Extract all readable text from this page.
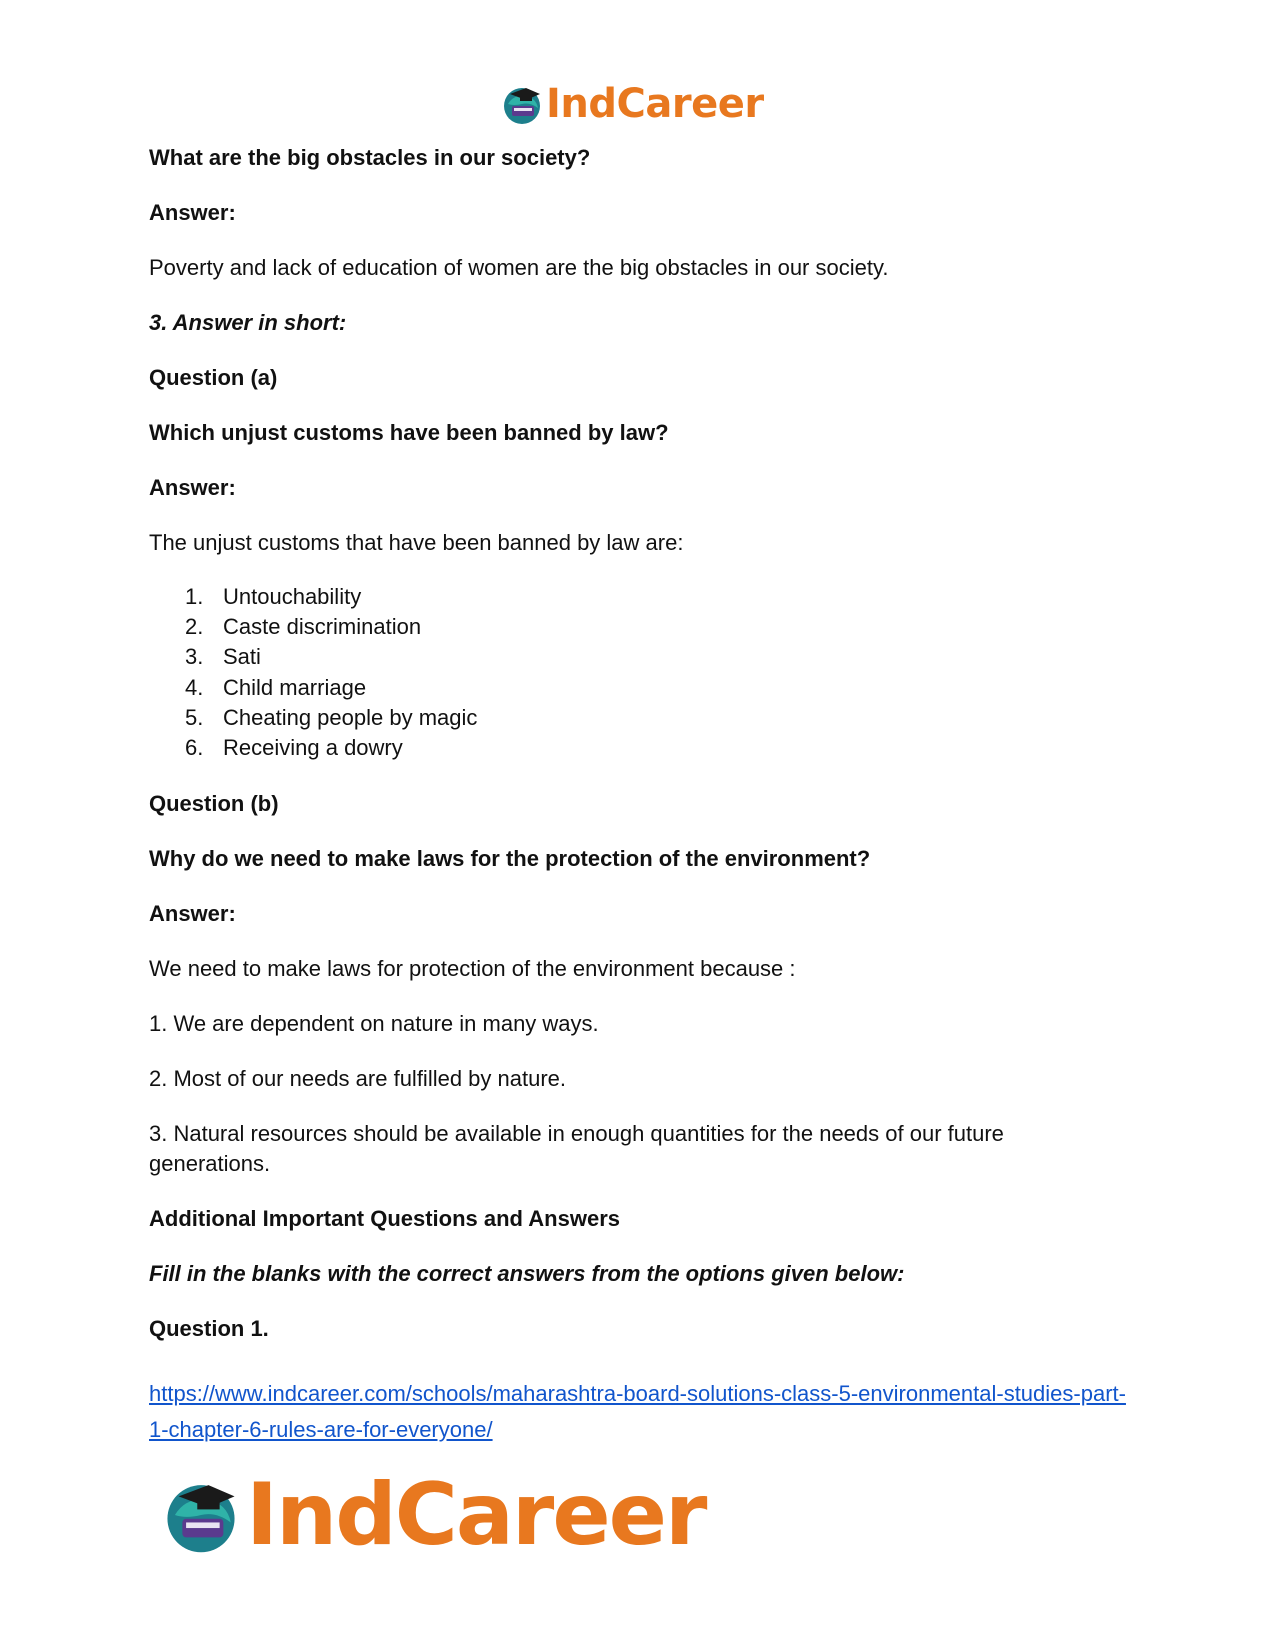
IndCareer

What are the big obstacles in our society?

Answer:

Poverty and lack of education of women are the big obstacles in our society.

3. Answer in short:

Question (a)

Which unjust customs have been banned by law?

Answer:

The unjust customs that have been banned by law are:

1. Untouchability
2. Caste discrimination
3. Sati
4. Child marriage
5. Cheating people by magic
6. Receiving a dowry

Question (b)

Why do we need to make laws for the protection of the environment?

Answer:

We need to make laws for protection of the environment because :

1. We are dependent on nature in many ways.

2. Most of our needs are fulfilled by nature.

3. Natural resources should be available in enough quantities for the needs of our future generations.

Additional Important Questions and Answers

Fill in the blanks with the correct answers from the options given below:

Question 1.

https://www.indcareer.com/schools/maharashtra-board-solutions-class-5-environmental-studies-part-1-chapter-6-rules-are-for-everyone/
IndCareer
